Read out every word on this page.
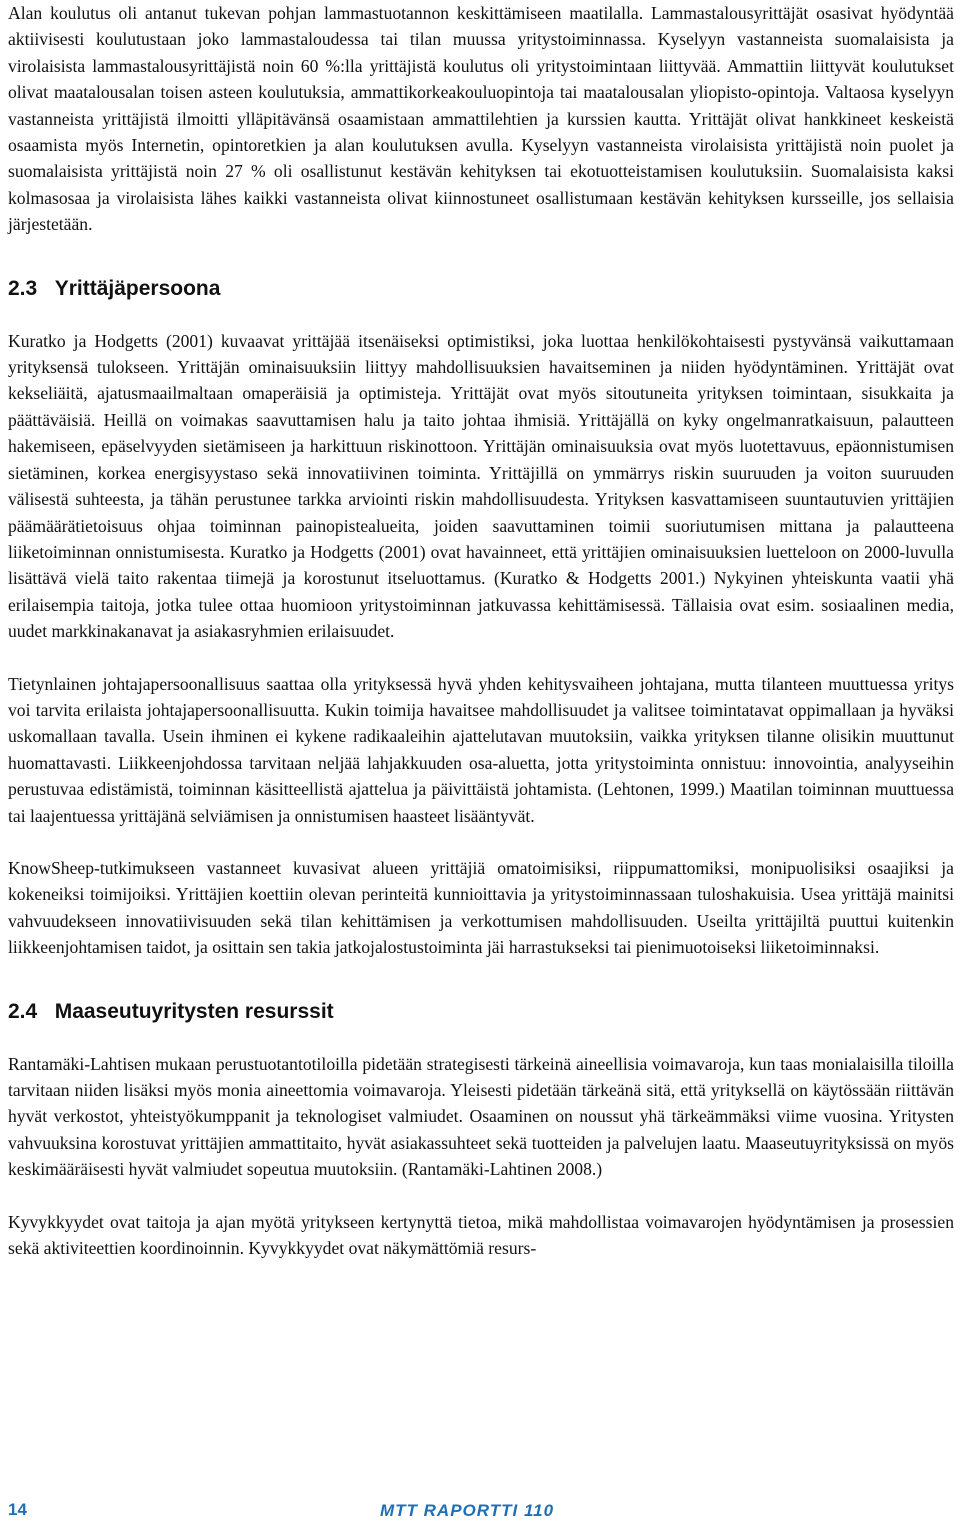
Alan koulutus oli antanut tukevan pohjan lammastuotannon keskittämiseen maatilalla. Lammastalousyrittäjät osasivat hyödyntää aktiivisesti koulutustaan joko lammastaloudessa tai tilan muussa yritystoiminnassa. Kyselyyn vastanneista suomalaisista ja virolaisista lammastalousyrittäjistä noin 60 %:lla yrittäjistä koulutus oli yritystoimintaan liittyvää. Ammattiin liittyvät koulutukset olivat maatalousalan toisen asteen koulutuksia, ammattikorkeakouluopintoja tai maatalousalan yliopisto-opintoja. Valtaosa kyselyyn vastanneista yrittäjistä ilmoitti ylläpitävänsä osaamistaan ammattilehtien ja kurssien kautta. Yrittäjät olivat hankkineet keskeistä osaamista myös Internetin, opintoretkien ja alan koulutuksen avulla. Kyselyyn vastanneista virolaisista yrittäjistä noin puolet ja suomalaisista yrittäjistä noin 27 % oli osallistunut kestävän kehityksen tai ekotuotteistamisen koulutuksiin. Suomalaisista kaksi kolmasosaa ja virolaisista lähes kaikki vastanneista olivat kiinnostuneet osallistumaan kestävän kehityksen kursseille, jos sellaisia järjestetään.

2.3   Yrittäjäpersoona

Kuratko ja Hodgetts (2001) kuvaavat yrittäjää itsenäiseksi optimistiksi, joka luottaa henkilökohtaisesti pystyvänsä vaikuttamaan yrityksensä tulokseen. Yrittäjän ominaisuuksiin liittyy mahdollisuuksien havaitseminen ja niiden hyödyntäminen. Yrittäjät ovat kekseliäitä, ajatusmaailmaltaan omaperäisiä ja optimisteja. Yrittäjät ovat myös sitoutuneita yrityksen toimintaan, sisukkaita ja päättäväisiä. Heillä on voimakas saavuttamisen halu ja taito johtaa ihmisiä. Yrittäjällä on kyky ongelmanratkaisuun, palautteen hakemiseen, epäselvyyden sietämiseen ja harkittuun riskinottoon. Yrittäjän ominaisuuksia ovat myös luotettavuus, epäonnistumisen sietäminen, korkea energisyystaso sekä innovatiivinen toiminta. Yrittäjillä on ymmärrys riskin suuruuden ja voiton suuruuden välisestä suhteesta, ja tähän perustunee tarkka arviointi riskin mahdollisuudesta. Yrityksen kasvattamiseen suuntautuvien yrittäjien päämäärätietoisuus ohjaa toiminnan painopistealueita, joiden saavuttaminen toimii suoriutumisen mittana ja palautteena liiketoiminnan onnistumisesta. Kuratko ja Hodgetts (2001) ovat havainneet, että yrittäjien ominaisuuksien luetteloon on 2000-luvulla lisättävä vielä taito rakentaa tiimejä ja korostunut itseluottamus. (Kuratko & Hodgetts 2001.) Nykyinen yhteiskunta vaatii yhä erilaisempia taitoja, jotka tulee ottaa huomioon yritystoiminnan jatkuvassa kehittämisessä. Tällaisia ovat esim. sosiaalinen media, uudet markkinakanavat ja asiakasryhmien erilaisuudet.

Tietynlainen johtajapersoonallisuus saattaa olla yrityksessä hyvä yhden kehitysvaiheen johtajana, mutta tilanteen muuttuessa yritys voi tarvita erilaista johtajapersoonallisuutta. Kukin toimija havaitsee mahdollisuudet ja valitsee toimintatavat oppimallaan ja hyväksi uskomallaan tavalla. Usein ihminen ei kykene radikaaleihin ajattelutavan muutoksiin, vaikka yrityksen tilanne olisikin muuttunut huomattavasti. Liikkeenjohdossa tarvitaan neljää lahjakkuuden osa-aluetta, jotta yritystoiminta onnistuu: innovointia, analyyseihin perustuvaa edistämistä, toiminnan käsitteellistä ajattelua ja päivittäistä johtamista. (Lehtonen, 1999.) Maatilan toiminnan muuttuessa tai laajentuessa yrittäjänä selviämisen ja onnistumisen haasteet lisääntyvät.

KnowSheep-tutkimukseen vastanneet kuvasivat alueen yrittäjiä omatoimisiksi, riippumattomiksi, monipuolisiksi osaajiksi ja kokeneiksi toimijoiksi. Yrittäjien koettiin olevan perinteitä kunnioittavia ja yritystoiminnassaan tuloshakuisia. Usea yrittäjä mainitsi vahvuudekseen innovatiivisuuden sekä tilan kehittämisen ja verkottumisen mahdollisuuden. Useilta yrittäjiltä puuttui kuitenkin liikkeenjohtamisen taidot, ja osittain sen takia jatkojalostustoiminta jäi harrastukseksi tai pienimuotoiseksi liiketoiminnaksi.

2.4   Maaseutuyritysten resurssit

Rantamäki-Lahtisen mukaan perustuotantotiloilla pidetään strategisesti tärkeinä aineellisia voimavaroja, kun taas monialaisilla tiloilla tarvitaan niiden lisäksi myös monia aineettomia voimavaroja. Yleisesti pidetään tärkeänä sitä, että yrityksellä on käytössään riittävän hyvät verkostot, yhteistyökumppanit ja teknologiset valmiudet. Osaaminen on noussut yhä tärkeämmäksi viime vuosina. Yritysten vahvuuksina korostuvat yrittäjien ammattitaito, hyvät asiakassuhteet sekä tuotteiden ja palvelujen laatu. Maaseutuyrityksissä on myös keskimääräisesti hyvät valmiudet sopeutua muutoksiin. (Rantamäki-Lahtinen 2008.)

Kyvykkyydet ovat taitoja ja ajan myötä yritykseen kertynyttä tietoa, mikä mahdollistaa voimavarojen hyödyntämisen ja prosessien sekä aktiviteettien koordinoinnin. Kyvykkyydet ovat näkymättömiä resurs-

14	MTT RAPORTTI 110
